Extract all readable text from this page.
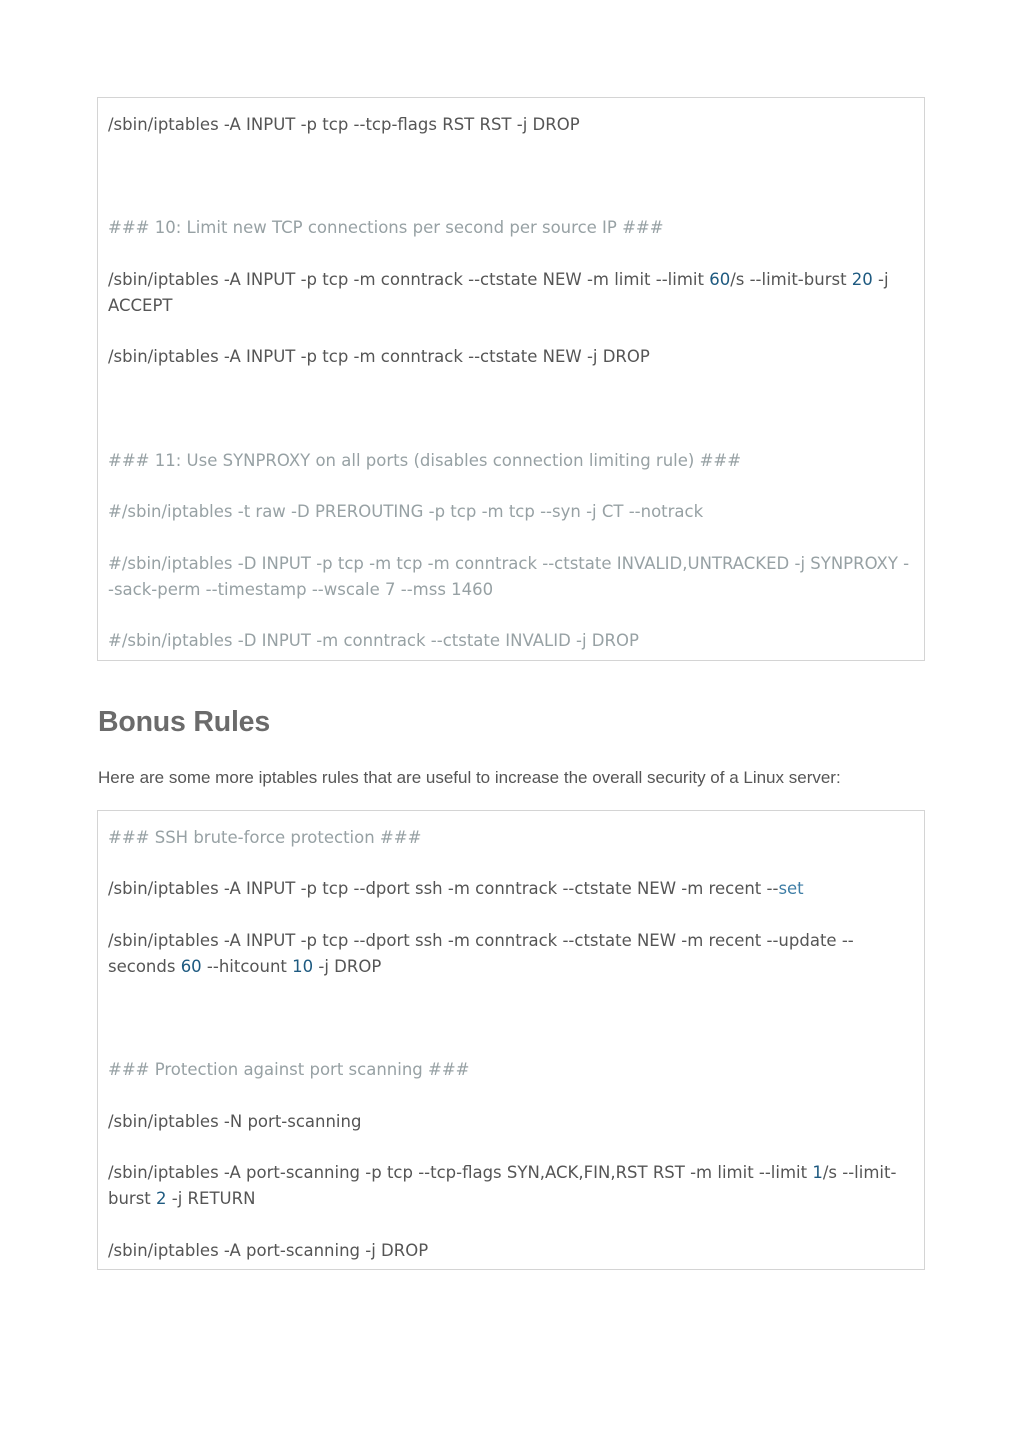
/sbin/iptables -A INPUT -p tcp --tcp-flags RST RST -j DROP
### 10: Limit new TCP connections per second per source IP ###
/sbin/iptables -A INPUT -p tcp -m conntrack --ctstate NEW -m limit --limit 60/s --limit-burst 20 -j ACCEPT
/sbin/iptables -A INPUT -p tcp -m conntrack --ctstate NEW -j DROP
### 11: Use SYNPROXY on all ports (disables connection limiting rule) ###
#/sbin/iptables -t raw -D PREROUTING -p tcp -m tcp --syn -j CT --notrack
#/sbin/iptables -D INPUT -p tcp -m tcp -m conntrack --ctstate INVALID,UNTRACKED -j SYNPROXY --sack-perm --timestamp --wscale 7 --mss 1460
#/sbin/iptables -D INPUT -m conntrack --ctstate INVALID -j DROP
Bonus Rules

Here are some more iptables rules that are useful to increase the overall security of a Linux server:

### SSH brute-force protection ###
/sbin/iptables -A INPUT -p tcp --dport ssh -m conntrack --ctstate NEW -m recent --set
/sbin/iptables -A INPUT -p tcp --dport ssh -m conntrack --ctstate NEW -m recent --update --seconds 60 --hitcount 10 -j DROP
### Protection against port scanning ###
/sbin/iptables -N port-scanning
/sbin/iptables -A port-scanning -p tcp --tcp-flags SYN,ACK,FIN,RST RST -m limit --limit 1/s --limit-burst 2 -j RETURN
/sbin/iptables -A port-scanning -j DROP
